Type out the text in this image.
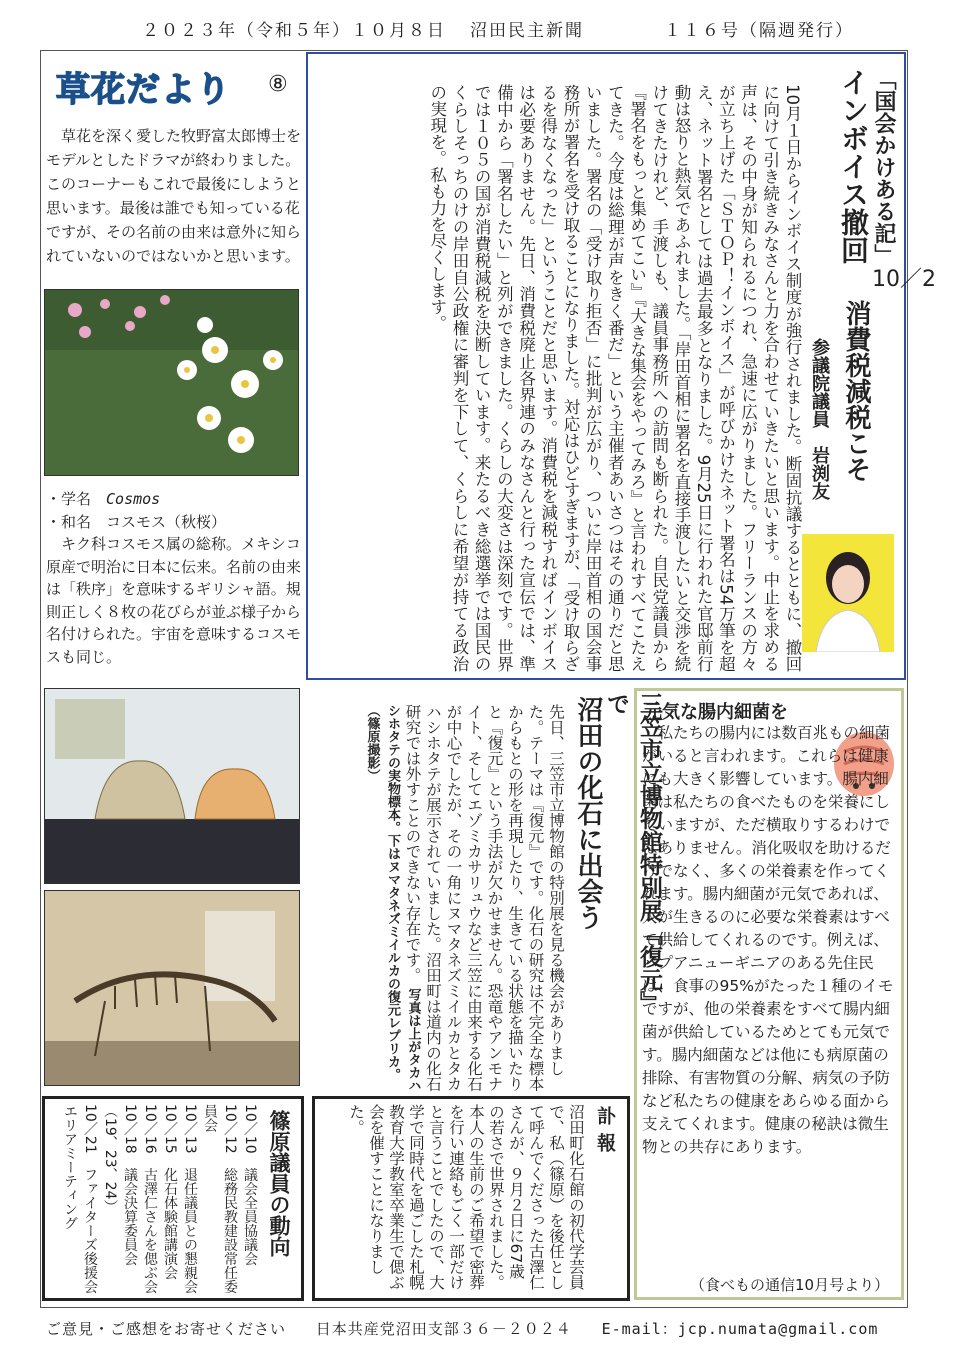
２０２３年（令和５年）１０月８日 沼田民主新聞	１１６号（隔週発行）
草花だより	⑧
草花を深く愛した牧野富太郎博士をモデルとしたドラマが終わりました。このコーナーもこれで最後にしようと思います。最後は誰でも知っている花ですが、その名前の由来は意外に知られていないのではないかと思います。
・学名　 Cosmos
・和名　 コスモス（秋桜）
キク科コスモス属の総称。メキシコ原産で明治に日本に伝来。名前の由来は「秩序」を意味するギリシャ語。規則正しく８枚の花びらが並ぶ様子から名付けられた。宇宙を意味するコスモスも同じ。
「国会かけある記」
インボイス撤回
10／2
消費税減税こそ
参議院議員　岩渕友
10月１日からインボイス制度が強行されました。断固抗議するとともに、撤回に向けて引き続きみなさんと力を合わせていきたいと思います。中止を求める声は、その中身が知られるにつれ、急速に広がりました。フリーランスの方々が立ち上げた「ＳＴＯＰ！インボイス」が呼びかけたネット署名は54万筆を超え、ネット署名としては過去最多となりました。9月25日に行われた官邸前行動は怒りと熱気であふれました。「岸田首相に署名を直接手渡したいと交渉を続けてきたけれど、手渡しも、議員事務所への訪問も断られた。自民党議員から『署名をもっと集めてこい』『大きな集会をやってみろ』と言われすべてこたえてきた。今度は総理が声をきく番だ」という主催者あいさつはその通りだと思いました。署名の「受け取り拒否」に批判が広がり、ついに岸田首相の国会事務所が署名を受け取ることになりました。対応はひどすぎますが、「受け取らざるを得なくなった」ということだと思います。消費税を減税すればインボイスは必要ありません。先日、消費税廃止各界連のみなさんと行った宣伝では、準備中から「署名したい」と列ができました。くらしの大変さは深刻です。世界では１０５の国が消費税減税を決断しています。来たるべき総選挙では国民のくらしそっちのけの岸田自公政権に審判を下して、くらしに希望が持てる政治の実現を。私も力を尽くします。
三笠市立博物館特別展『復元』で
沼田の化石に出会う
先日、三笠市立博物館の特別展を見る機会がありました。テーマは『復元』です。化石の研究は不完全な標本からもとの形を再現したり、生きている状態を描いたりと『復元』という手法が欠かせません。恐竜やアンモナイト、そしてエゾミカサリュウなど三笠に由来する化石が中心でしたが、その一角にヌマタネズミイルカとタカハシホタテが展示されていました。沼田町は道内の化石研究では外すことのできない存在です。 写真は上がタカハシホタテの実物標本。下はヌマタネズミイルカの復元レプリカ。（篠原撮影）	元気な腸内細菌を
私たちの腸内には数百兆もの細菌がいると言われます。これらは健康にも大きく影響しています。腸内細菌は私たちの食べたものを栄養にしていますが、ただ横取りするわけではありません。消化吸収を助けるだけでなく、多くの栄養素を作ってくれます。腸内細菌が元気であれば、人が生きるのに必要な栄養素はすべて供給してくれるのです。例えば、パプアニューギニアのある先住民は、食事の95%がたった１種のイモですが、他の栄養素をすべて腸内細菌が供給しているためとても元気です。腸内細菌などは他にも病原菌の排除、有害物質の分解、病気の予防など私たちの健康をあらゆる面から支えてくれます。健康の秘訣は微生物との共存にあります。
（食べもの通信10月号より）
訃報
沼田町化石館の初代学芸員で、私（篠原）を後任として呼んでくださった古澤仁さんが、９月２日に67歳の若さで世界されました。本人の生前のご希望で密葬を行い連絡もごく一部だけと言うことでしたので、大学で同時代を過ごした札幌教育大学教室卒業生で偲ぶ会を催すことになりました。
篠原議員の動向
10／10　議会全員協議会
10／12　総務民教建設常任委員会
10／13　退任議員との懇親会
10／15　化石体験館講演会
10／16　古澤仁さんを偲ぶ会
10／18　議会決算委員会（19、23、24）
10／21　ファイターズ後援会エリアミーティング
ご意見・ご感想をお寄せください 日本共産党沼田支部３６－２０２４ E-mail：jcp.numata@gmail.com
